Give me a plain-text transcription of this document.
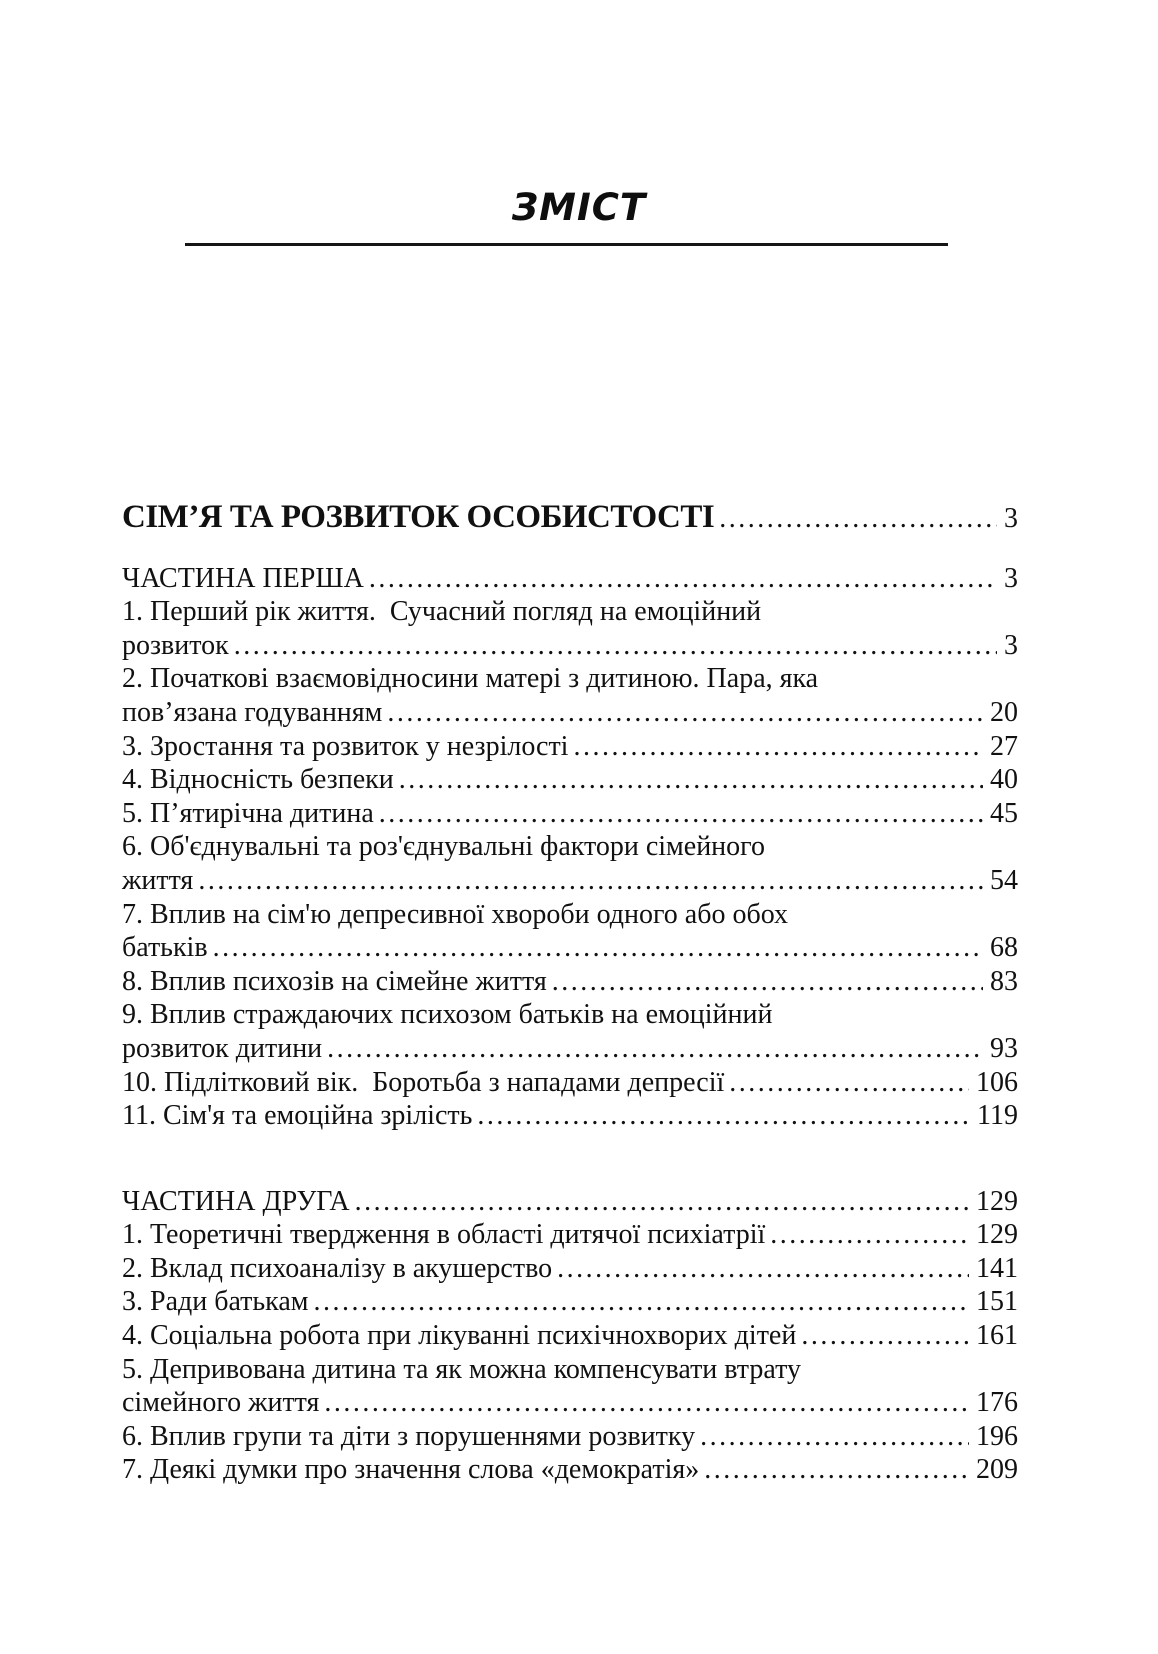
ЗМІСТ
СІМ’Я ТА РОЗВИТОК ОСОБИСТОСТІ .....	3
ЧАСТИНА ПЕРША .....	3
1. Перший рік життя.  Сучасний погляд на емоційний
розвиток .....	3
2. Початкові взаємовідносини матері з дитиною. Пара, яка
пов’язана годуванням .....	20
3. Зростання та розвиток у незрілості .....	27
4. Відносність безпеки .....	40
5. П’ятирічна дитина .....	45
6. Об'єднувальні та роз'єднувальні фактори сімейного
життя .....	54
7. Вплив на сім'ю депресивної хвороби одного або обох
батьків .....	68
8. Вплив психозів на сімейне життя .....	83
9. Вплив страждаючих психозом батьків на емоційний
розвиток дитини .....	93
10. Підлітковий вік.  Боротьба з нападами депресії .....	106
11. Сім'я та емоційна зрілість .....	119
ЧАСТИНА ДРУГА .....	129
1. Теоретичні твердження в області дитячої психіатрії .....	129
2. Вклад психоаналізу в акушерство .....	141
3. Ради батькам .....	151
4. Соціальна робота при лікуванні психічнохворих дітей .....	161
5. Депривована дитина та як можна компенсувати втрату
сімейного життя .....	176
6. Вплив групи та діти з порушеннями розвитку .....	196
7. Деякі думки про значення слова «демократія» .....	209
